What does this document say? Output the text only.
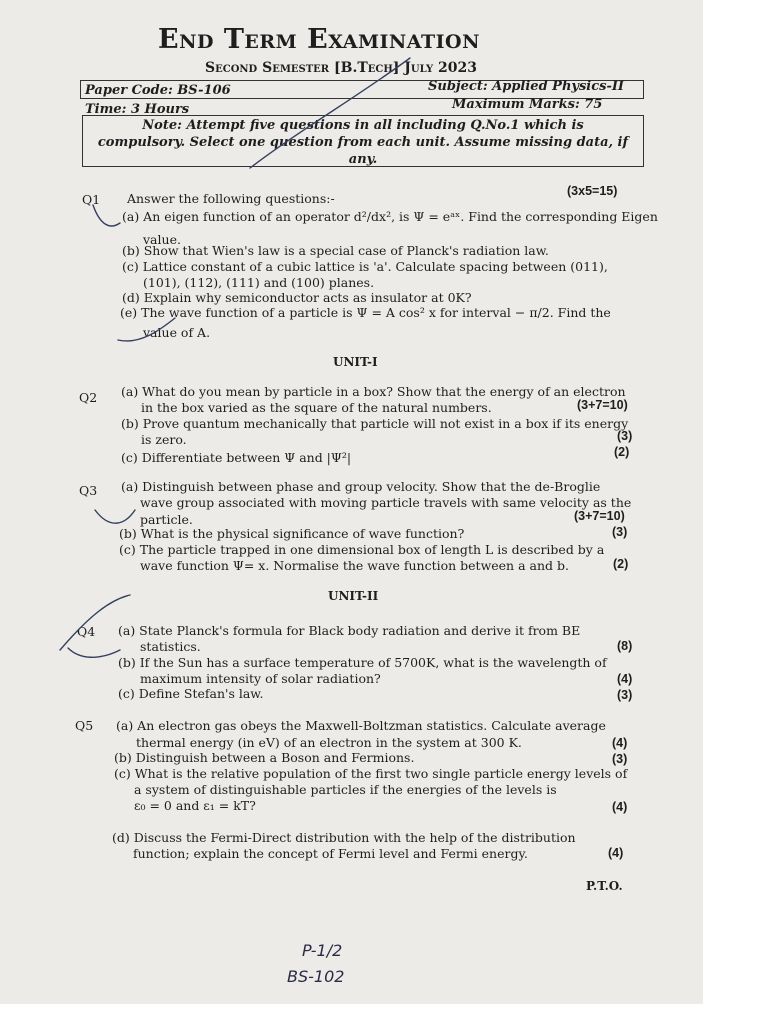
End Term Examination
Second Semester [B.Tech] July 2023
Paper Code: BS-106	Subject: Applied Physics-II
Time: 3 Hours	Maximum Marks: 75
Note: Attempt five questions in all including Q.No.1 which is
compulsory. Select one question from each unit. Assume missing data, if
any.
Q1 Answer the following questions:-	(3x5=15)
(a) An eigen function of an operator d²/dx², is Ψ = eᵃˣ. Find the corresponding Eigen
value.
(b) Show that Wien's law is a special case of Planck's radiation law.
(c) Lattice constant of a cubic lattice is 'a'. Calculate spacing between (011),
(101), (112), (111) and (100) planes.
(d) Explain why semiconductor acts as insulator at 0K?
(e) The wave function of a particle is Ψ = A cos² x for interval − π/2. Find the
value of A.
UNIT-I
Q2 (a) What do you mean by particle in a box? Show that the energy of an electron
in the box varied as the square of the natural numbers.	(3+7=10)
(b) Prove quantum mechanically that particle will not exist in a box if its energy
is zero.	(3)
(c) Differentiate between Ψ and |Ψ²|	(2)
Q3 (a) Distinguish between phase and group velocity. Show that the de-Broglie
wave group associated with moving particle travels with same velocity as the
particle.	(3+7=10)
(b) What is the physical significance of wave function?	(3)
(c) The particle trapped in one dimensional box of length L is described by a
wave function Ψ= x. Normalise the wave function between a and b.	(2)
UNIT-II
Q4 (a) State Planck's formula for Black body radiation and derive it from BE
statistics.	(8)
(b) If the Sun has a surface temperature of 5700K, what is the wavelength of
maximum intensity of solar radiation?	(4)
(c) Define Stefan's law.	(3)
Q5 (a) An electron gas obeys the Maxwell-Boltzman statistics. Calculate average
thermal energy (in eV) of an electron in the system at 300 K.	(4)
(b) Distinguish between a Boson and Fermions.	(3)
(c) What is the relative population of the first two single particle energy levels of
a system of distinguishable particles if the energies of the levels is
ε₀ = 0 and ε₁ = kT?	(4)
(d) Discuss the Fermi-Direct distribution with the help of the distribution
function; explain the concept of Fermi level and Fermi energy.	(4)
P.T.O.
P-1/2
BS-102
